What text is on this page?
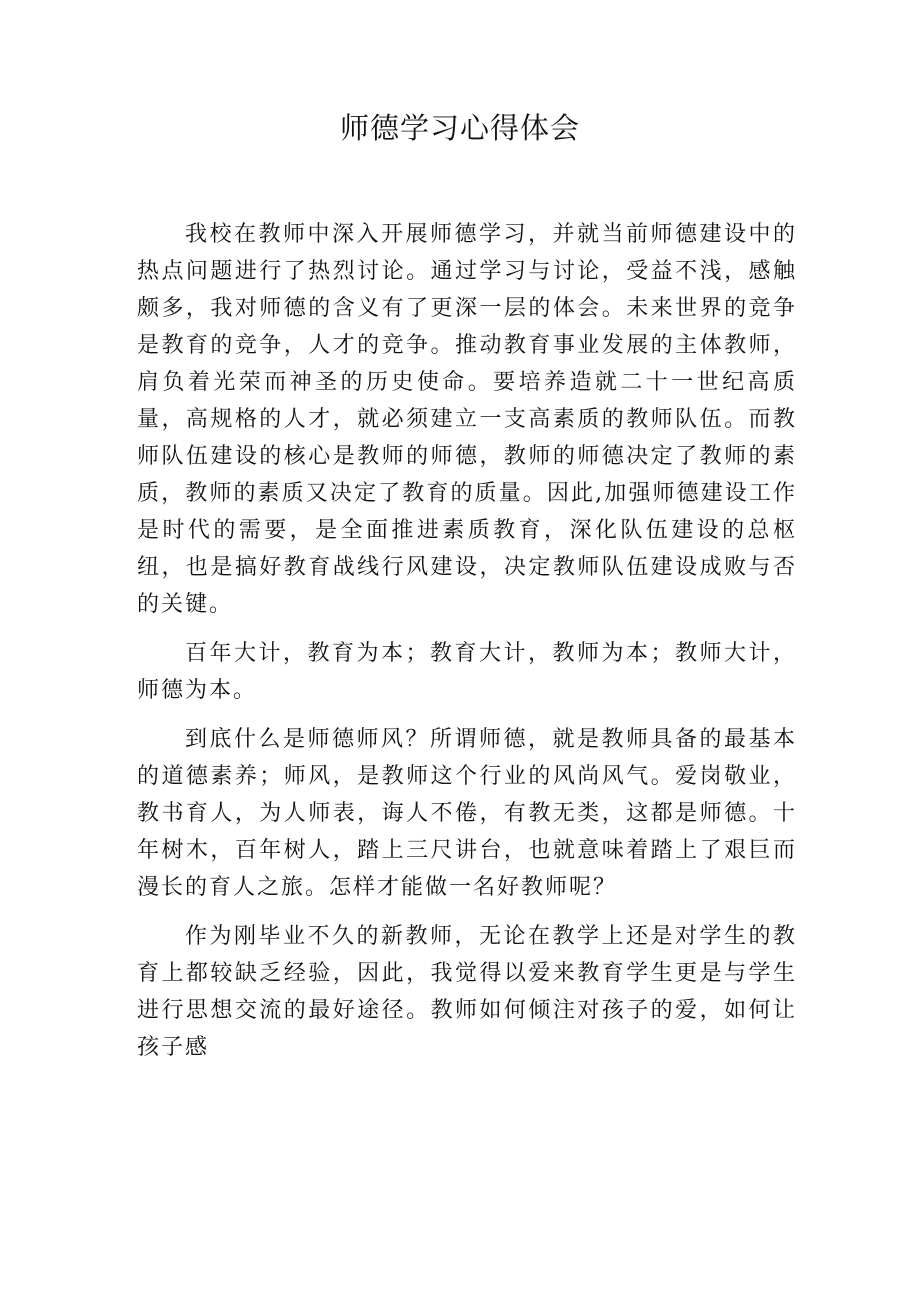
师德学习心得体会

我校在教师中深入开展师德学习，并就当前师德建设中的热点问题进行了热烈讨论。通过学习与讨论，受益不浅，感触颇多，我对师德的含义有了更深一层的体会。未来世界的竞争是教育的竞争，人才的竞争。推动教育事业发展的主体教师，肩负着光荣而神圣的历史使命。要培养造就二十一世纪高质量，高规格的人才，就必须建立一支高素质的教师队伍。而教师队伍建设的核心是教师的师德，教师的师德决定了教师的素质，教师的素质又决定了教育的质量。因此,加强师德建设工作是时代的需要，是全面推进素质教育，深化队伍建设的总枢纽，也是搞好教育战线行风建设，决定教师队伍建设成败与否的关键。

百年大计，教育为本；教育大计，教师为本；教师大计，师德为本。

到底什么是师德师风？所谓师德，就是教师具备的最基本的道德素养；师风，是教师这个行业的风尚风气。爱岗敬业，教书育人，为人师表，诲人不倦，有教无类，这都是师德。十年树木，百年树人，踏上三尺讲台，也就意味着踏上了艰巨而漫长的育人之旅。怎样才能做一名好教师呢？

作为刚毕业不久的新教师，无论在教学上还是对学生的教育上都较缺乏经验，因此，我觉得以爱来教育学生更是与学生进行思想交流的最好途径。教师如何倾注对孩子的爱，如何让孩子感
